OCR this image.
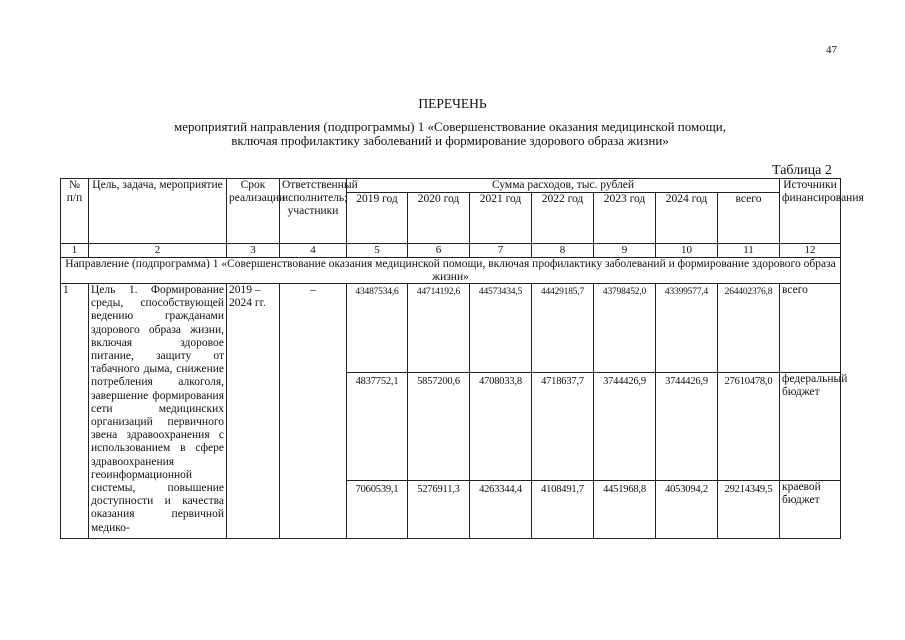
47
ПЕРЕЧЕНЬ
мероприятий направления (подпрограммы) 1 «Совершенствование оказания медицинской помощи,
включая профилактику заболеваний и формирование здорового образа жизни»
Таблица 2
№ п/п	Цель, задача, мероприятие	Срок реализации	Ответственный исполнитель; участники	Сумма расходов, тыс. рублей							Источники финансирования
				2019 год	2020 год	2021 год	2022 год	2023 год	2024 год	всего	
1	2	3	4	5	6	7	8	9	10	11	12
Направление (подпрограмма) 1 «Совершенствование оказания медицинской помощи, включая профилактику заболеваний и формирование здорового образа жизни»											
1	Цель 1. Формирование среды, способствующей ведению гражданами здорового образа жизни, включая здоровое питание, защиту от табачного дыма, снижение потребления алкоголя, завершение формирования сети медицинских организаций первичного звена здравоохранения с использованием в сфере здравоохранения геоинформационной системы, повышение доступности и качества оказания первичной медико-	2019 – 2024 гг.	–	43487534,6	44714192,6	44573434,5	44429185,7	43798452,0	43399577,4	264402376,8	всего
				4837752,1	5857200,6	4708033,8	4718637,7	3744426,9	3744426,9	27610478,0	федеральный бюджет
				7060539,1	5276911,3	4263344,4	4108491,7	4451968,8	4053094,2	29214349,5	краевой бюджет
